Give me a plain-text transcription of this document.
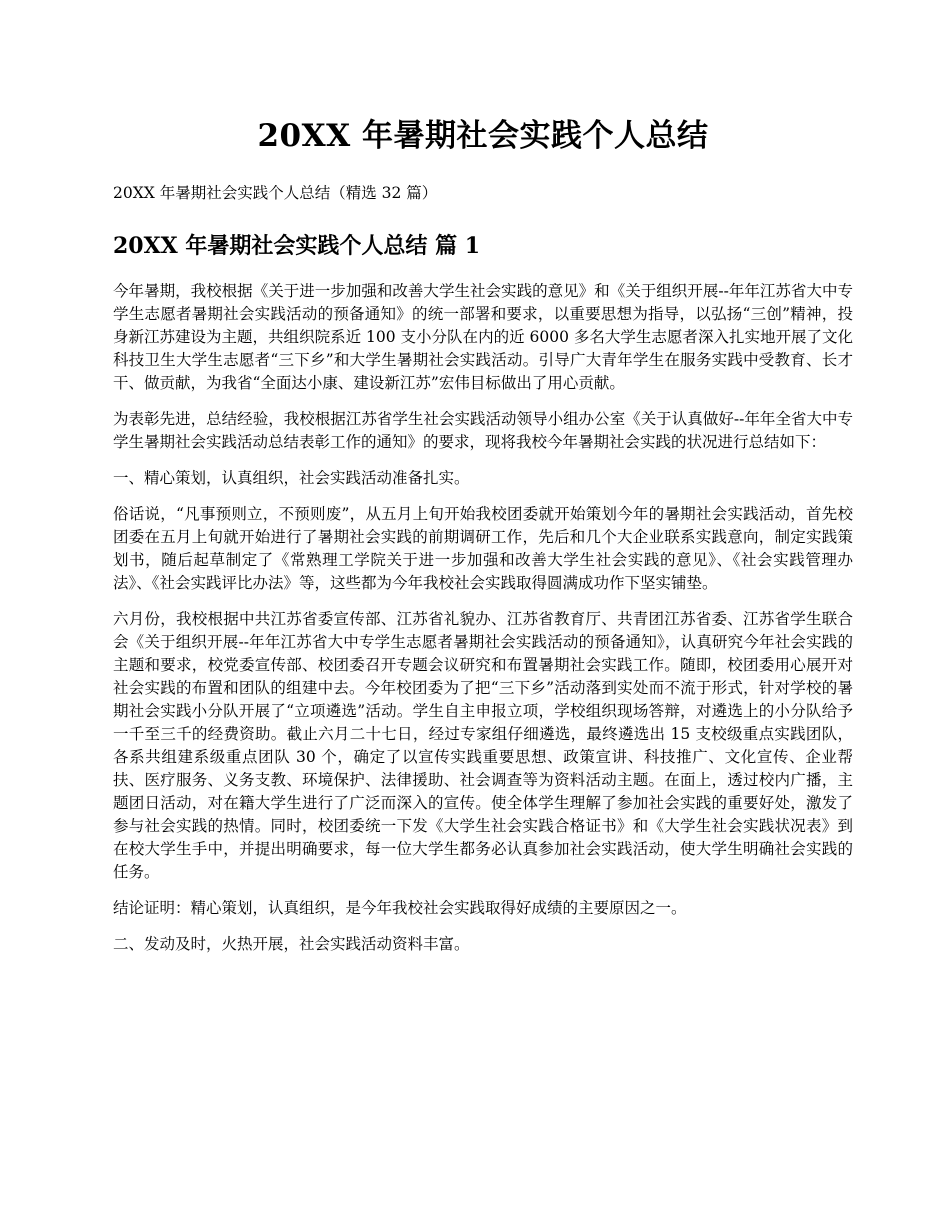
20XX 年暑期社会实践个人总结

20XX 年暑期社会实践个人总结（精选 32 篇）

20XX 年暑期社会实践个人总结 篇 1

今年暑期，我校根据《关于进一步加强和改善大学生社会实践的意见》和《关于组织开展--年年江苏省大中专学生志愿者暑期社会实践活动的预备通知》的统一部署和要求，以重要思想为指导，以弘扬“三创”精神，投身新江苏建设为主题，共组织院系近 100 支小分队在内的近 6000 多名大学生志愿者深入扎实地开展了文化科技卫生大学生志愿者“三下乡”和大学生暑期社会实践活动。引导广大青年学生在服务实践中受教育、长才干、做贡献，为我省“全面达小康、建设新江苏”宏伟目标做出了用心贡献。

为表彰先进，总结经验，我校根据江苏省学生社会实践活动领导小组办公室《关于认真做好--年年全省大中专学生暑期社会实践活动总结表彰工作的通知》的要求，现将我校今年暑期社会实践的状况进行总结如下：

一、精心策划，认真组织，社会实践活动准备扎实。

俗话说，“凡事预则立，不预则废”，从五月上旬开始我校团委就开始策划今年的暑期社会实践活动，首先校团委在五月上旬就开始进行了暑期社会实践的前期调研工作，先后和几个大企业联系实践意向，制定实践策划书，随后起草制定了《常熟理工学院关于进一步加强和改善大学生社会实践的意见》、《社会实践管理办法》、《社会实践评比办法》等，这些都为今年我校社会实践取得圆满成功作下坚实铺垫。

六月份，我校根据中共江苏省委宣传部、江苏省礼貌办、江苏省教育厅、共青团江苏省委、江苏省学生联合会《关于组织开展--年年江苏省大中专学生志愿者暑期社会实践活动的预备通知》，认真研究今年社会实践的主题和要求，校党委宣传部、校团委召开专题会议研究和布置暑期社会实践工作。随即，校团委用心展开对社会实践的布置和团队的组建中去。今年校团委为了把“三下乡”活动落到实处而不流于形式，针对学校的暑期社会实践小分队开展了“立项遴选”活动。学生自主申报立项，学校组织现场答辩，对遴选上的小分队给予一千至三千的经费资助。截止六月二十七日，经过专家组仔细遴选，最终遴选出 15 支校级重点实践团队，各系共组建系级重点团队 30 个，确定了以宣传实践重要思想、政策宣讲、科技推广、文化宣传、企业帮扶、医疗服务、义务支教、环境保护、法律援助、社会调查等为资料活动主题。在面上，透过校内广播，主题团日活动，对在籍大学生进行了广泛而深入的宣传。使全体学生理解了参加社会实践的重要好处，激发了参与社会实践的热情。同时，校团委统一下发《大学生社会实践合格证书》和《大学生社会实践状况表》到在校大学生手中，并提出明确要求，每一位大学生都务必认真参加社会实践活动，使大学生明确社会实践的任务。

结论证明：精心策划，认真组织，是今年我校社会实践取得好成绩的主要原因之一。

二、发动及时，火热开展，社会实践活动资料丰富。
